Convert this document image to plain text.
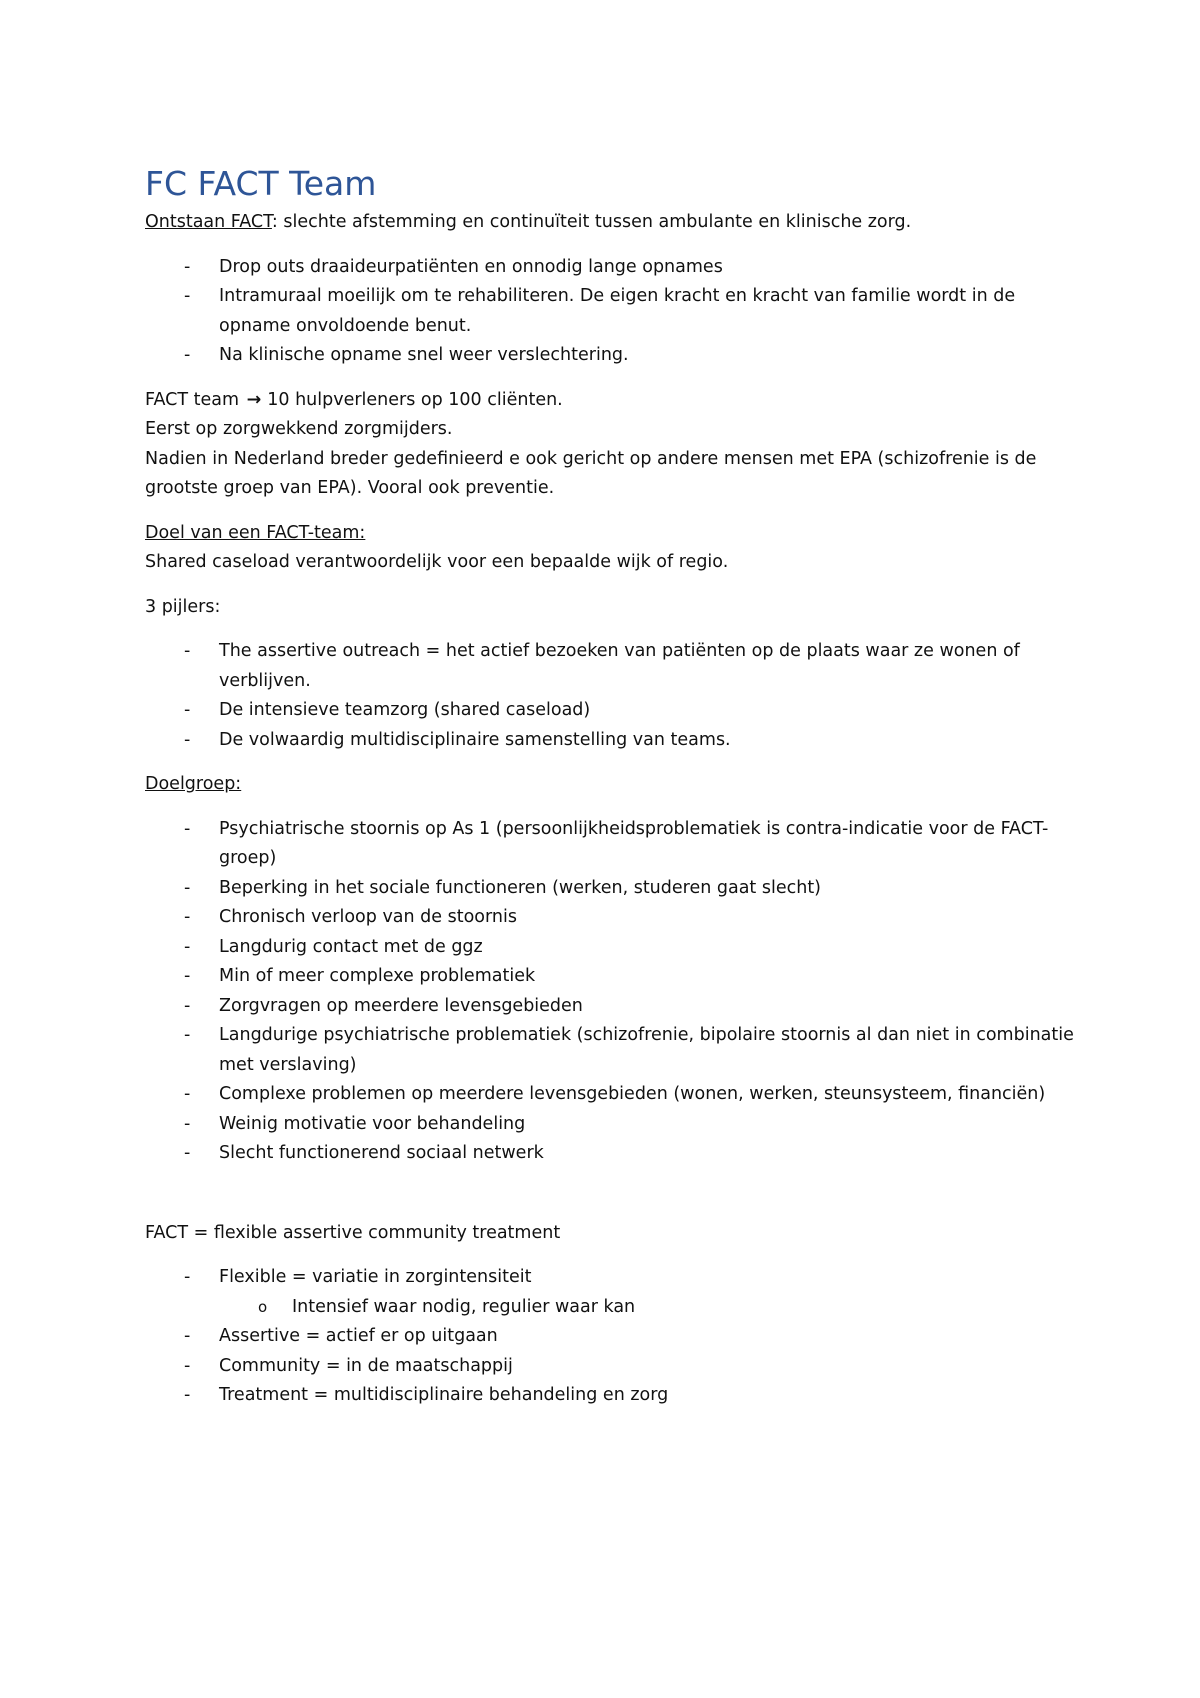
FC FACT Team

Ontstaan FACT: slechte afstemming en continuïteit tussen ambulante en klinische zorg.

- Drop outs draaideurpatiënten en onnodig lange opnames
- Intramuraal moeilijk om te rehabiliteren. De eigen kracht en kracht van familie wordt in de opname onvoldoende benut.
- Na klinische opname snel weer verslechtering.

FACT team → 10 hulpverleners op 100 cliënten.

Eerst op zorgwekkend zorgmijders.

Nadien in Nederland breder gedefinieerd e ook gericht op andere mensen met EPA (schizofrenie is de grootste groep van EPA). Vooral ook preventie.

Doel van een FACT-team:

Shared caseload verantwoordelijk voor een bepaalde wijk of regio.

3 pijlers:

- The assertive outreach = het actief bezoeken van patiënten op de plaats waar ze wonen of verblijven.
- De intensieve teamzorg (shared caseload)
- De volwaardig multidisciplinaire samenstelling van teams.

Doelgroep:

- Psychiatrische stoornis op As 1 (persoonlijkheidsproblematiek is contra-indicatie voor de FACT-groep)
- Beperking in het sociale functioneren (werken, studeren gaat slecht)
- Chronisch verloop van de stoornis
- Langdurig contact met de ggz
- Min of meer complexe problematiek
- Zorgvragen op meerdere levensgebieden
- Langdurige psychiatrische problematiek (schizofrenie, bipolaire stoornis al dan niet in combinatie met verslaving)
- Complexe problemen op meerdere levensgebieden (wonen, werken, steunsysteem, financiën)
- Weinig motivatie voor behandeling
- Slecht functionerend sociaal netwerk

FACT = flexible assertive community treatment

- Flexible = variatie in zorgintensiteit
o Intensief waar nodig, regulier waar kan
- Assertive = actief er op uitgaan
- Community = in de maatschappij
- Treatment = multidisciplinaire behandeling en zorg
